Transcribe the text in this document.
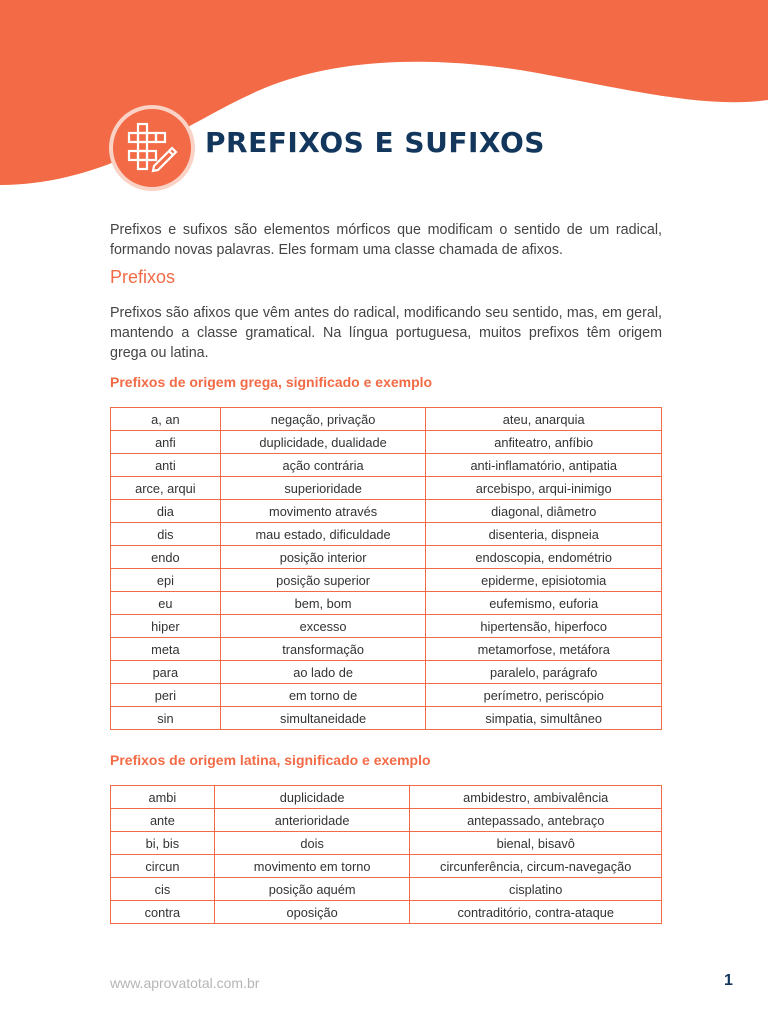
PREFIXOS E SUFIXOS

Prefixos e sufixos são elementos mórficos que modificam o sentido de um radical, formando novas palavras. Eles formam uma classe chamada de afixos.

Prefixos

Prefixos são afixos que vêm antes do radical, modificando seu sentido, mas, em geral, mantendo a classe gramatical. Na língua portuguesa, muitos prefixos têm origem grega ou latina.

Prefixos de origem grega, significado e exemplo
a, an	negação, privação	ateu, anarquia
anfi	duplicidade, dualidade	anfiteatro, anfíbio
anti	ação contrária	anti-inflamatório, antipatia
arce, arqui	superioridade	arcebispo, arqui-inimigo
dia	movimento através	diagonal, diâmetro
dis	mau estado, dificuldade	disenteria, dispneia
endo	posição interior	endoscopia, endométrio
epi	posição superior	epiderme, episiotomia
eu	bem, bom	eufemismo, euforia
hiper	excesso	hipertensão, hiperfoco
meta	transformação	metamorfose, metáfora
para	ao lado de	paralelo, parágrafo
peri	em torno de	perímetro, periscópio
sin	simultaneidade	simpatia, simultâneo
Prefixos de origem latina, significado e exemplo
ambi	duplicidade	ambidestro, ambivalência
ante	anterioridade	antepassado, antebraço
bi, bis	dois	bienal, bisavô
circun	movimento em torno	circunferência, circum-navegação
cis	posição aquém	cisplatino
contra	oposição	contraditório, contra-ataque
www.aprovatotal.com.br	1
